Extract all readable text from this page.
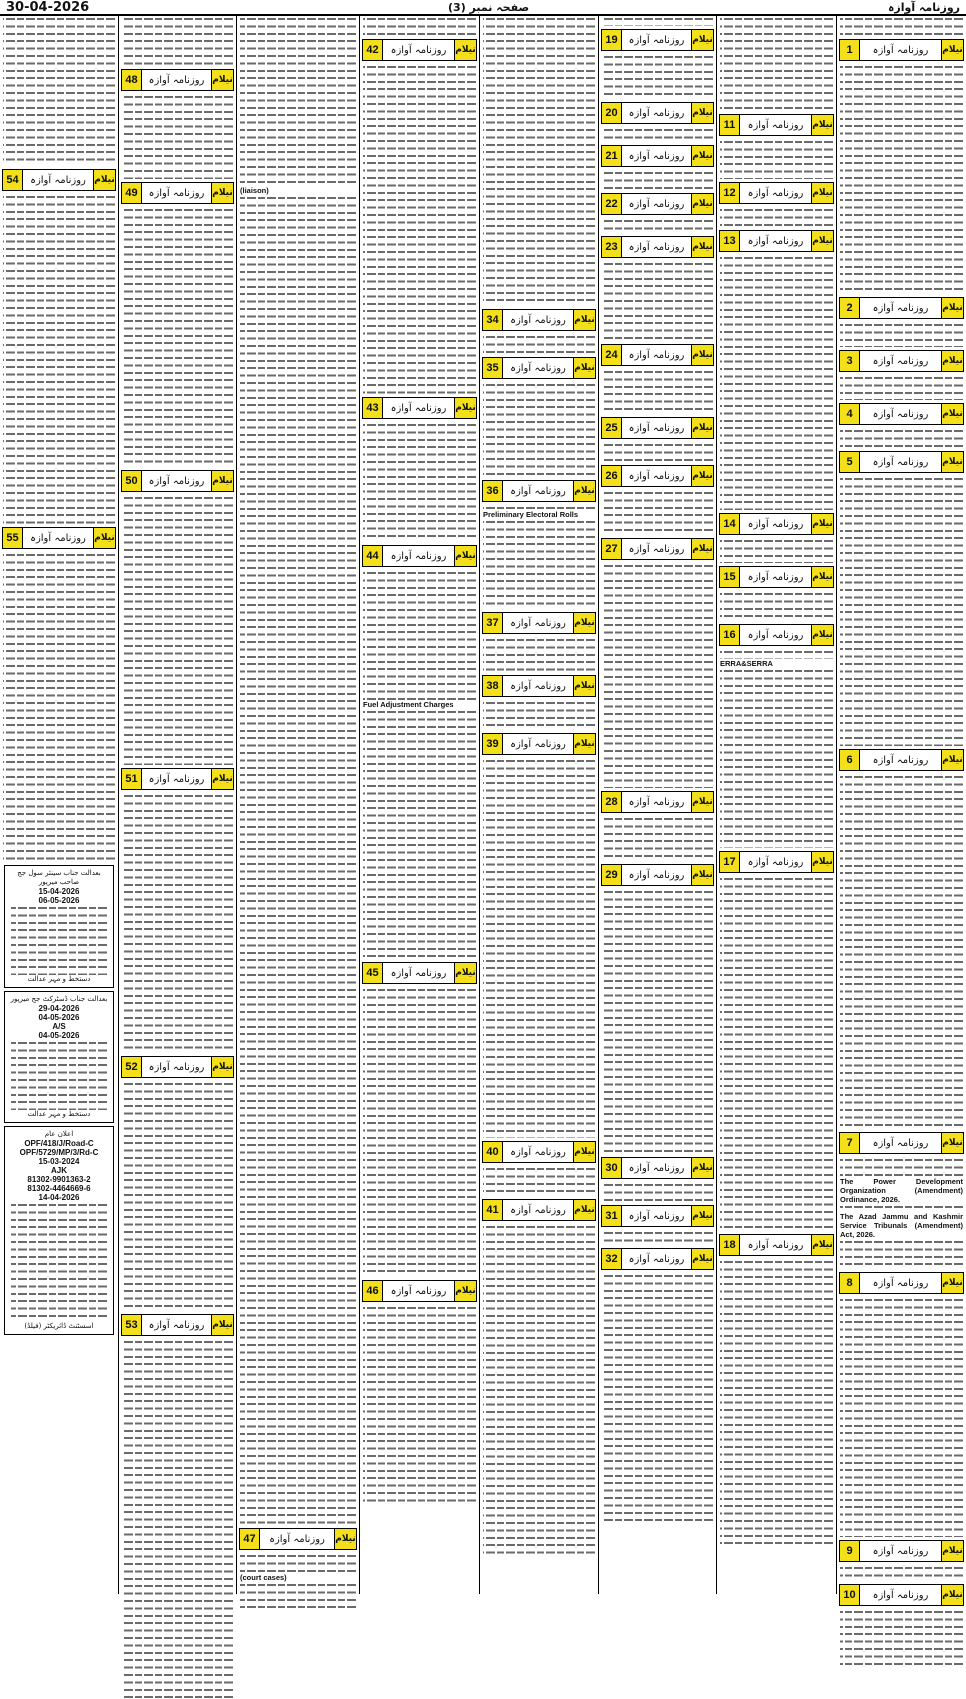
30-04-2026	صفحہ نمبر (3)	روزنامہ آوازہ
54	روزنامہ آوازہ نیلام
55	روزنامہ آوازہ نیلام
بعدالت جناب سینئر سول جج صاحب میرپور
15-04-2026
06-05-2026
دستخط و مہر عدالت
بعدالت جناب ڈسٹرکٹ جج میرپور
29-04-2026
04-05-2026
A/S
04-05-2026
دستخط و مہر عدالت
اعلان عام
OPF/418/J/Road-C
OPF/5729/MP/3/Rd-C
15-03-2024
AJK
81302-9901363-2
81302-4464669-6
14-04-2026
اسسٹنٹ ڈائریکٹر (فیلڈ)
48	روزنامہ آوازہ نیلام
49	روزنامہ آوازہ نیلام
50	روزنامہ آوازہ نیلام
51	روزنامہ آوازہ نیلام
52	روزنامہ آوازہ نیلام
53	روزنامہ آوازہ نیلام
(liaison)
47	روزنامہ آوازہ	نیلام
(court cases)
42	روزنامہ آوازہ نیلام
43	روزنامہ آوازہ نیلام
44	روزنامہ آوازہ نیلام
Fuel Adjustment Charges
45	روزنامہ آوازہ نیلام
46	روزنامہ آوازہ نیلام
34	روزنامہ آوازہ نیلام
35	روزنامہ آوازہ نیلام
36	روزنامہ آوازہ نیلام
Preliminary Electoral Rolls
37	روزنامہ آوازہ نیلام
38	روزنامہ آوازہ نیلام
39	روزنامہ آوازہ نیلام
40	روزنامہ آوازہ نیلام
41	روزنامہ آوازہ نیلام
19	روزنامہ آوازہ نیلام
20	روزنامہ آوازہ نیلام
21	روزنامہ آوازہ نیلام
22	روزنامہ آوازہ نیلام
23	روزنامہ آوازہ نیلام
24	روزنامہ آوازہ نیلام
25	روزنامہ آوازہ نیلام
26	روزنامہ آوازہ نیلام
27	روزنامہ آوازہ نیلام
28	روزنامہ آوازہ نیلام
29	روزنامہ آوازہ نیلام
30	روزنامہ آوازہ نیلام
31	روزنامہ آوازہ نیلام
32	روزنامہ آوازہ نیلام
11	روزنامہ آوازہ نیلام
12	روزنامہ آوازہ نیلام
13	روزنامہ آوازہ نیلام
14	روزنامہ آوازہ نیلام
15	روزنامہ آوازہ نیلام
16	روزنامہ آوازہ نیلام
ERRA&SERRA
17	روزنامہ آوازہ نیلام
18	روزنامہ آوازہ نیلام
1	روزنامہ آوازہ	نیلام
2	روزنامہ آوازہ	نیلام
3	روزنامہ آوازہ	نیلام
4	روزنامہ آوازہ	نیلام
5	روزنامہ آوازہ	نیلام
6	روزنامہ آوازہ	نیلام
7	روزنامہ آوازہ	نیلام
The Power Development Organization (Amendment) Ordinance, 2026.
The Azad Jammu and Kashmir Service Tribunals (Amendment) Act, 2026.
8	روزنامہ آوازہ	نیلام
9	روزنامہ آوازہ	نیلام
10	روزنامہ آوازہ	نیلام
